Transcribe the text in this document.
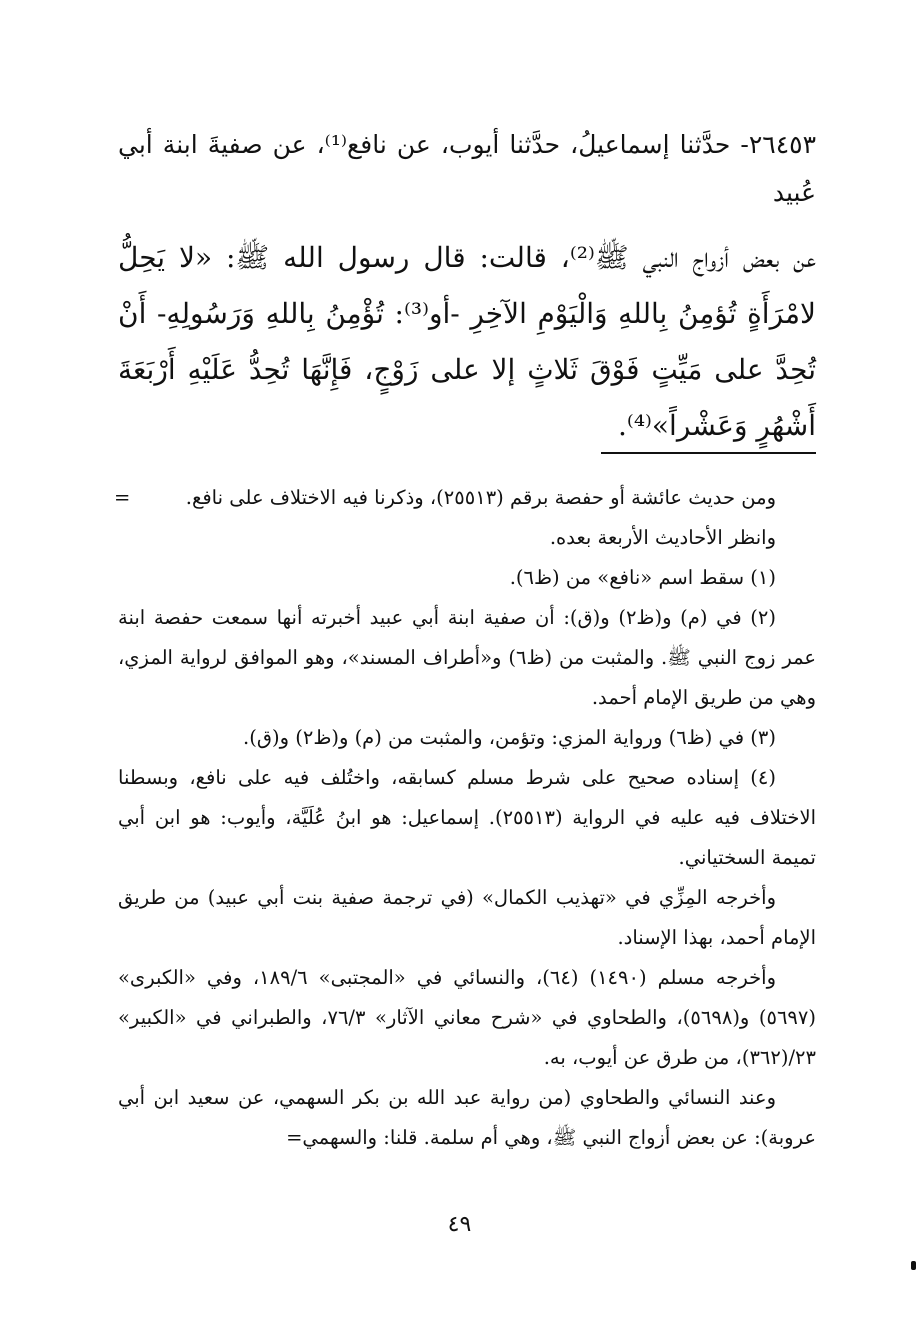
٢٦٤٥٣- حدَّثنا إسماعيلُ، حدَّثنا أيوب، عن نافع⁽¹⁾، عن صفيةَ ابنة أبي عُبيد

عن بعض أزواج النبي ﷺ⁽²⁾، قالت: قال رسول الله ﷺ: «لا يَحِلُّ لامْرَأَةٍ تُؤمِنُ بِاللهِ وَالْيَوْمِ الآخِرِ -أو⁽³⁾: تُؤْمِنُ بِاللهِ وَرَسُولِهِ- أَنْ تُحِدَّ على مَيِّتٍ فَوْقَ ثَلاثٍ إلا على زَوْجٍ، فَإِنَّهَا تُحِدُّ عَلَيْهِ أَرْبَعَةَ أَشْهُرٍ وَعَشْراً»⁽⁴⁾.

ومن حديث عائشة أو حفصة برقم (٢٥٥١٣)، وذكرنا فيه الاختلاف على نافع.
=

وانظر الأحاديث الأربعة بعده.

(١) سقط اسم «نافع» من (ظ٦).

(٢) في (م) و(ظ٢) و(ق): أن صفية ابنة أبي عبيد أخبرته أنها سمعت حفصة ابنة عمر زوج النبي ﷺ. والمثبت من (ظ٦) و«أطراف المسند»، وهو الموافق لرواية المزي، وهي من طريق الإمام أحمد.

(٣) في (ظ٦) ورواية المزي: وتؤمن، والمثبت من (م) و(ظ٢) و(ق).

(٤) إسناده صحيح على شرط مسلم كسابقه، واختُلف فيه على نافع، وبسطنا الاختلاف فيه عليه في الرواية (٢٥٥١٣). إسماعيل: هو ابنُ عُلَيَّة، وأيوب: هو ابن أبي تميمة السختياني.

وأخرجه المِزِّي في «تهذيب الكمال» (في ترجمة صفية بنت أبي عبيد) من طريق الإمام أحمد، بهذا الإسناد.

وأخرجه مسلم (١٤٩٠) (٦٤)، والنسائي في «المجتبى» ١٨٩/٦، وفي «الكبرى» (٥٦٩٧) و(٥٦٩٨)، والطحاوي في «شرح معاني الآثار» ٧٦/٣، والطبراني في «الكبير» ٢٣/(٣٦٢)، من طرق عن أيوب، به.

وعند النسائي والطحاوي (من رواية عبد الله بن بكر السهمي، عن سعيد ابن أبي عروبة): عن بعض أزواج النبي ﷺ، وهي أم سلمة. قلنا: والسهمي=

٤٩
